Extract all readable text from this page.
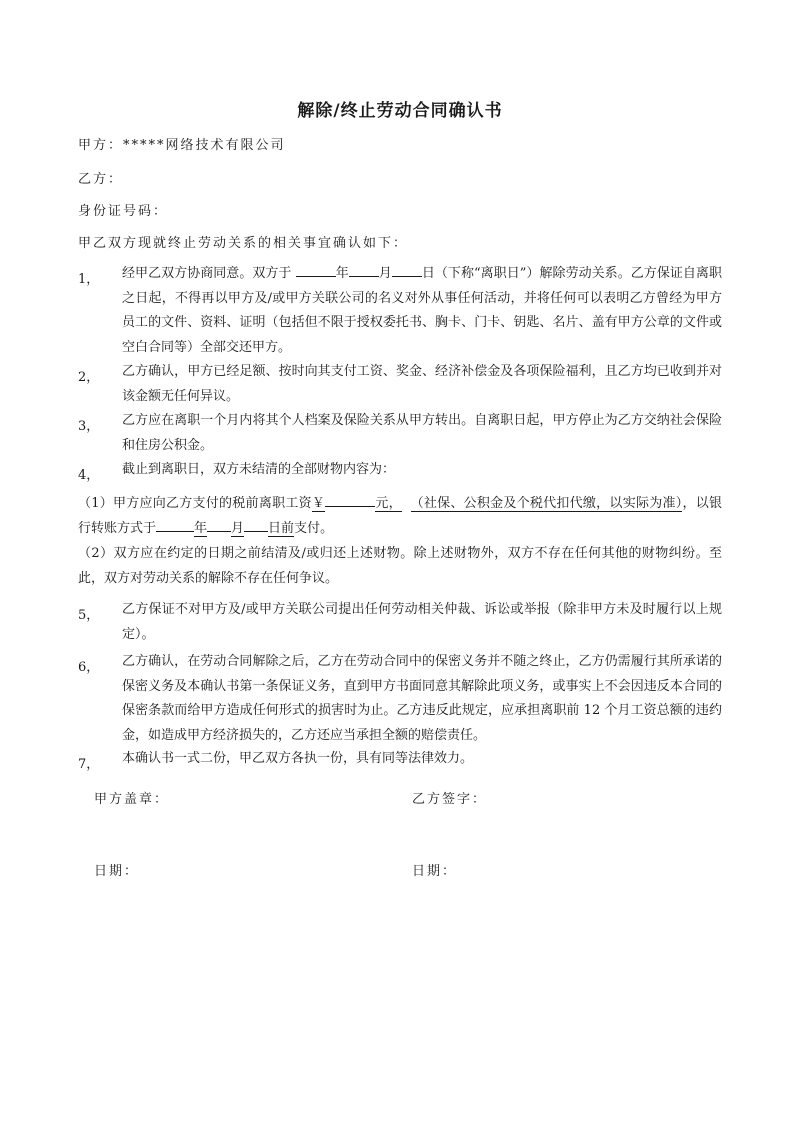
解除/终止劳动合同确认书
甲方：*****网络技术有限公司
乙方：
身份证号码：
甲乙双方现就终止劳动关系的相关事宜确认如下：
1， 经甲乙双方协商同意。双方于	年 月 日（下称“离职日”）解除劳动关系。乙方保证自离职之日起，不得再以甲方及/或甲方关联公司的名义对外从事任何活动，并将任何可以表明乙方曾经为甲方员工的文件、资料、证明（包括但不限于授权委托书、胸卡、门卡、钥匙、名片、盖有甲方公章的文件或空白合同等）全部交还甲方。
2， 乙方确认，甲方已经足额、按时向其支付工资、奖金、经济补偿金及各项保险福利，且乙方均已收到并对该金额无任何异议。
3， 乙方应在离职一个月内将其个人档案及保险关系从甲方转出。自离职日起，甲方停止为乙方交纳社会保险和住房公积金。
4， 截止到离职日，双方未结清的全部财物内容为：
（1）甲方应向乙方支付的税前离职工资￥	元， （社保、公积金及个税代扣代缴，以实际为准），以银行转账方式于	年 月 日前支付。
（2）双方应在约定的日期之前结清及/或归还上述财物。除上述财物外，双方不存在任何其他的财物纠纷。至此，双方对劳动关系的解除不存在任何争议。
5， 乙方保证不对甲方及/或甲方关联公司提出任何劳动相关仲裁、诉讼或举报（除非甲方未及时履行以上规定）。
6， 乙方确认，在劳动合同解除之后，乙方在劳动合同中的保密义务并不随之终止，乙方仍需履行其所承诺的保密义务及本确认书第一条保证义务，直到甲方书面同意其解除此项义务，或事实上不会因违反本合同的保密条款而给甲方造成任何形式的损害时为止。乙方违反此规定，应承担离职前 12 个月工资总额的违约金，如造成甲方经济损失的，乙方还应当承担全额的赔偿责任。
7， 本确认书一式二份，甲乙双方各执一份，具有同等法律效力。
甲方盖章：	乙方签字：
日期：	日期：
